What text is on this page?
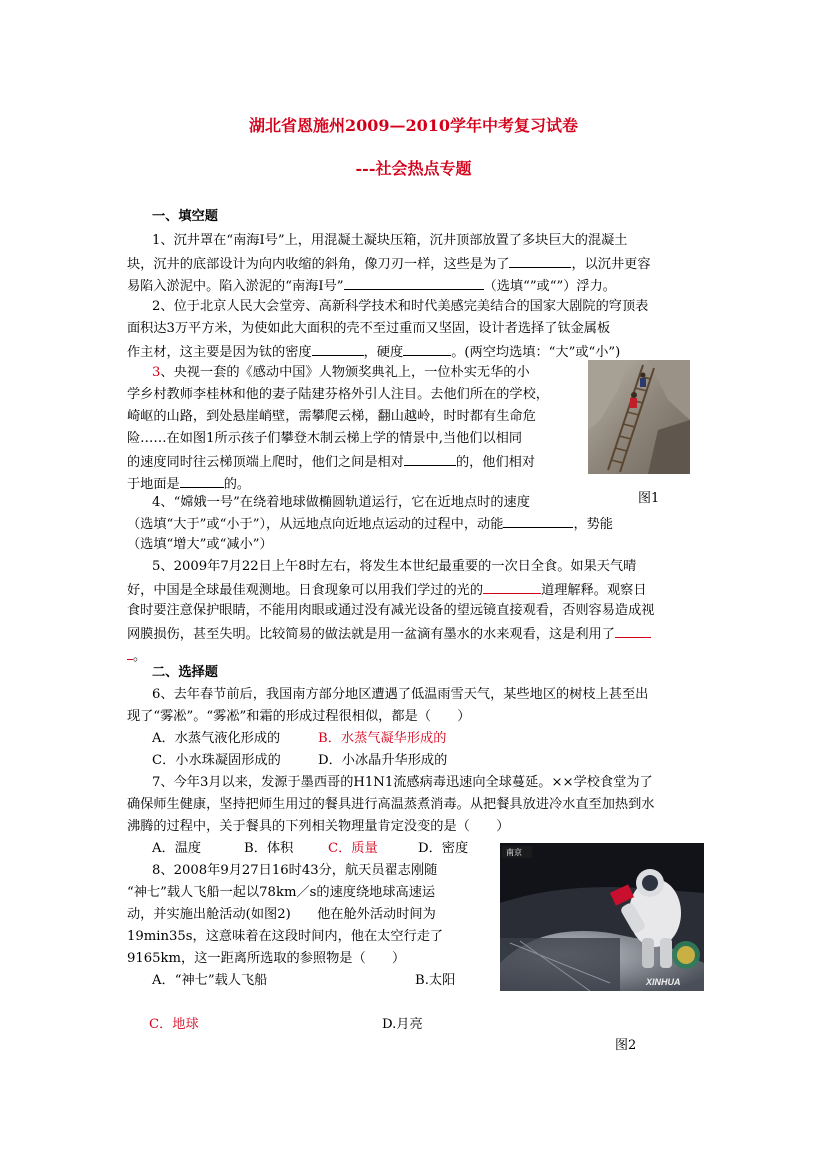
湖北省恩施州2009—2010学年中考复习试卷
---社会热点专题
一、填空题
1、沉井罩在“南海Ⅰ号”上，用混凝土凝块压箱，沉井顶部放置了多块巨大的混凝土
块，沉井的底部设计为向内收缩的斜角，像刀刃一样，这些是为了	，以沉井更容
易陷入淤泥中。陷入淤泥的“南海Ⅰ号”	（选填“”或“”）浮力。
2、位于北京人民大会堂旁、高新科学技术和时代美感完美结合的国家大剧院的穹顶表
面积达3万平方米，为使如此大面积的壳不至过重而又坚固，设计者选择了钛金属板
作主材，这主要是因为钛的密度	，硬度	。(两空均选填：“大”或“小”)
3、央视一套的《感动中国》人物颁奖典礼上，一位朴实无华的小
学乡村教师李桂林和他的妻子陆建芬格外引人注目。去他们所在的学校，
崎岖的山路，到处悬崖峭壁，需攀爬云梯，翻山越岭，时时都有生命危
险……在如图1所示孩子们攀登木制云梯上学的情景中,当他们以相同
的速度同时往云梯顶端上爬时，他们之间是相对	的，他们相对
于地面是	的。
图1
4、“嫦娥一号”在绕着地球做椭圆轨道运行，它在近地点时的速度
（选填“大于”或“小于”），从远地点向近地点运动的过程中，动能	，势能
（选填“增大”或“减小”）
5、2009年7月22日上午8时左右，将发生本世纪最重要的一次日全食。如果天气晴
好，中国是全球最佳观测地。日食现象可以用我们学过的光的	道理解释。观察日
食时要注意保护眼睛，不能用肉眼或通过没有减光设备的望远镜直接观看，否则容易造成视
网膜损伤，甚至失明。比较简易的做法就是用一盆滴有墨水的水来观看，这是利用了
。
二、选择题
6、去年春节前后，我国南方部分地区遭遇了低温雨雪天气，某些地区的树枝上甚至出
现了“雾凇”。“雾凇”和霜的形成过程很相似，都是（　　）
A．水蒸气液化形成的	B．水蒸气凝华形成的
C．小水珠凝固形成的	D．小冰晶升华形成的
7、今年3月以来，发源于墨西哥的H1N1流感病毒迅速向全球蔓延。××学校食堂为了
确保师生健康，坚持把师生用过的餐具进行高温蒸煮消毒。从把餐具放进冷水直至加热到水
沸腾的过程中，关于餐具的下列相关物理量肯定没变的是（　　）
A．温度	B．体积	C．质量	D．密度
8、2008年9月27日16时43分，航天员翟志刚随
“神七”载人飞船一起以78km／s的速度绕地球高速运
动，并实施出舱活动(如图2)　　他在舱外活动时间为
19min35s，这意味着在这段时间内，他在太空行走了
9165km，这一距离所选取的参照物是（　　）
A．“神七”载人飞船	B.太阳
C．地球	D.月亮
南京
XINHUA
图2
